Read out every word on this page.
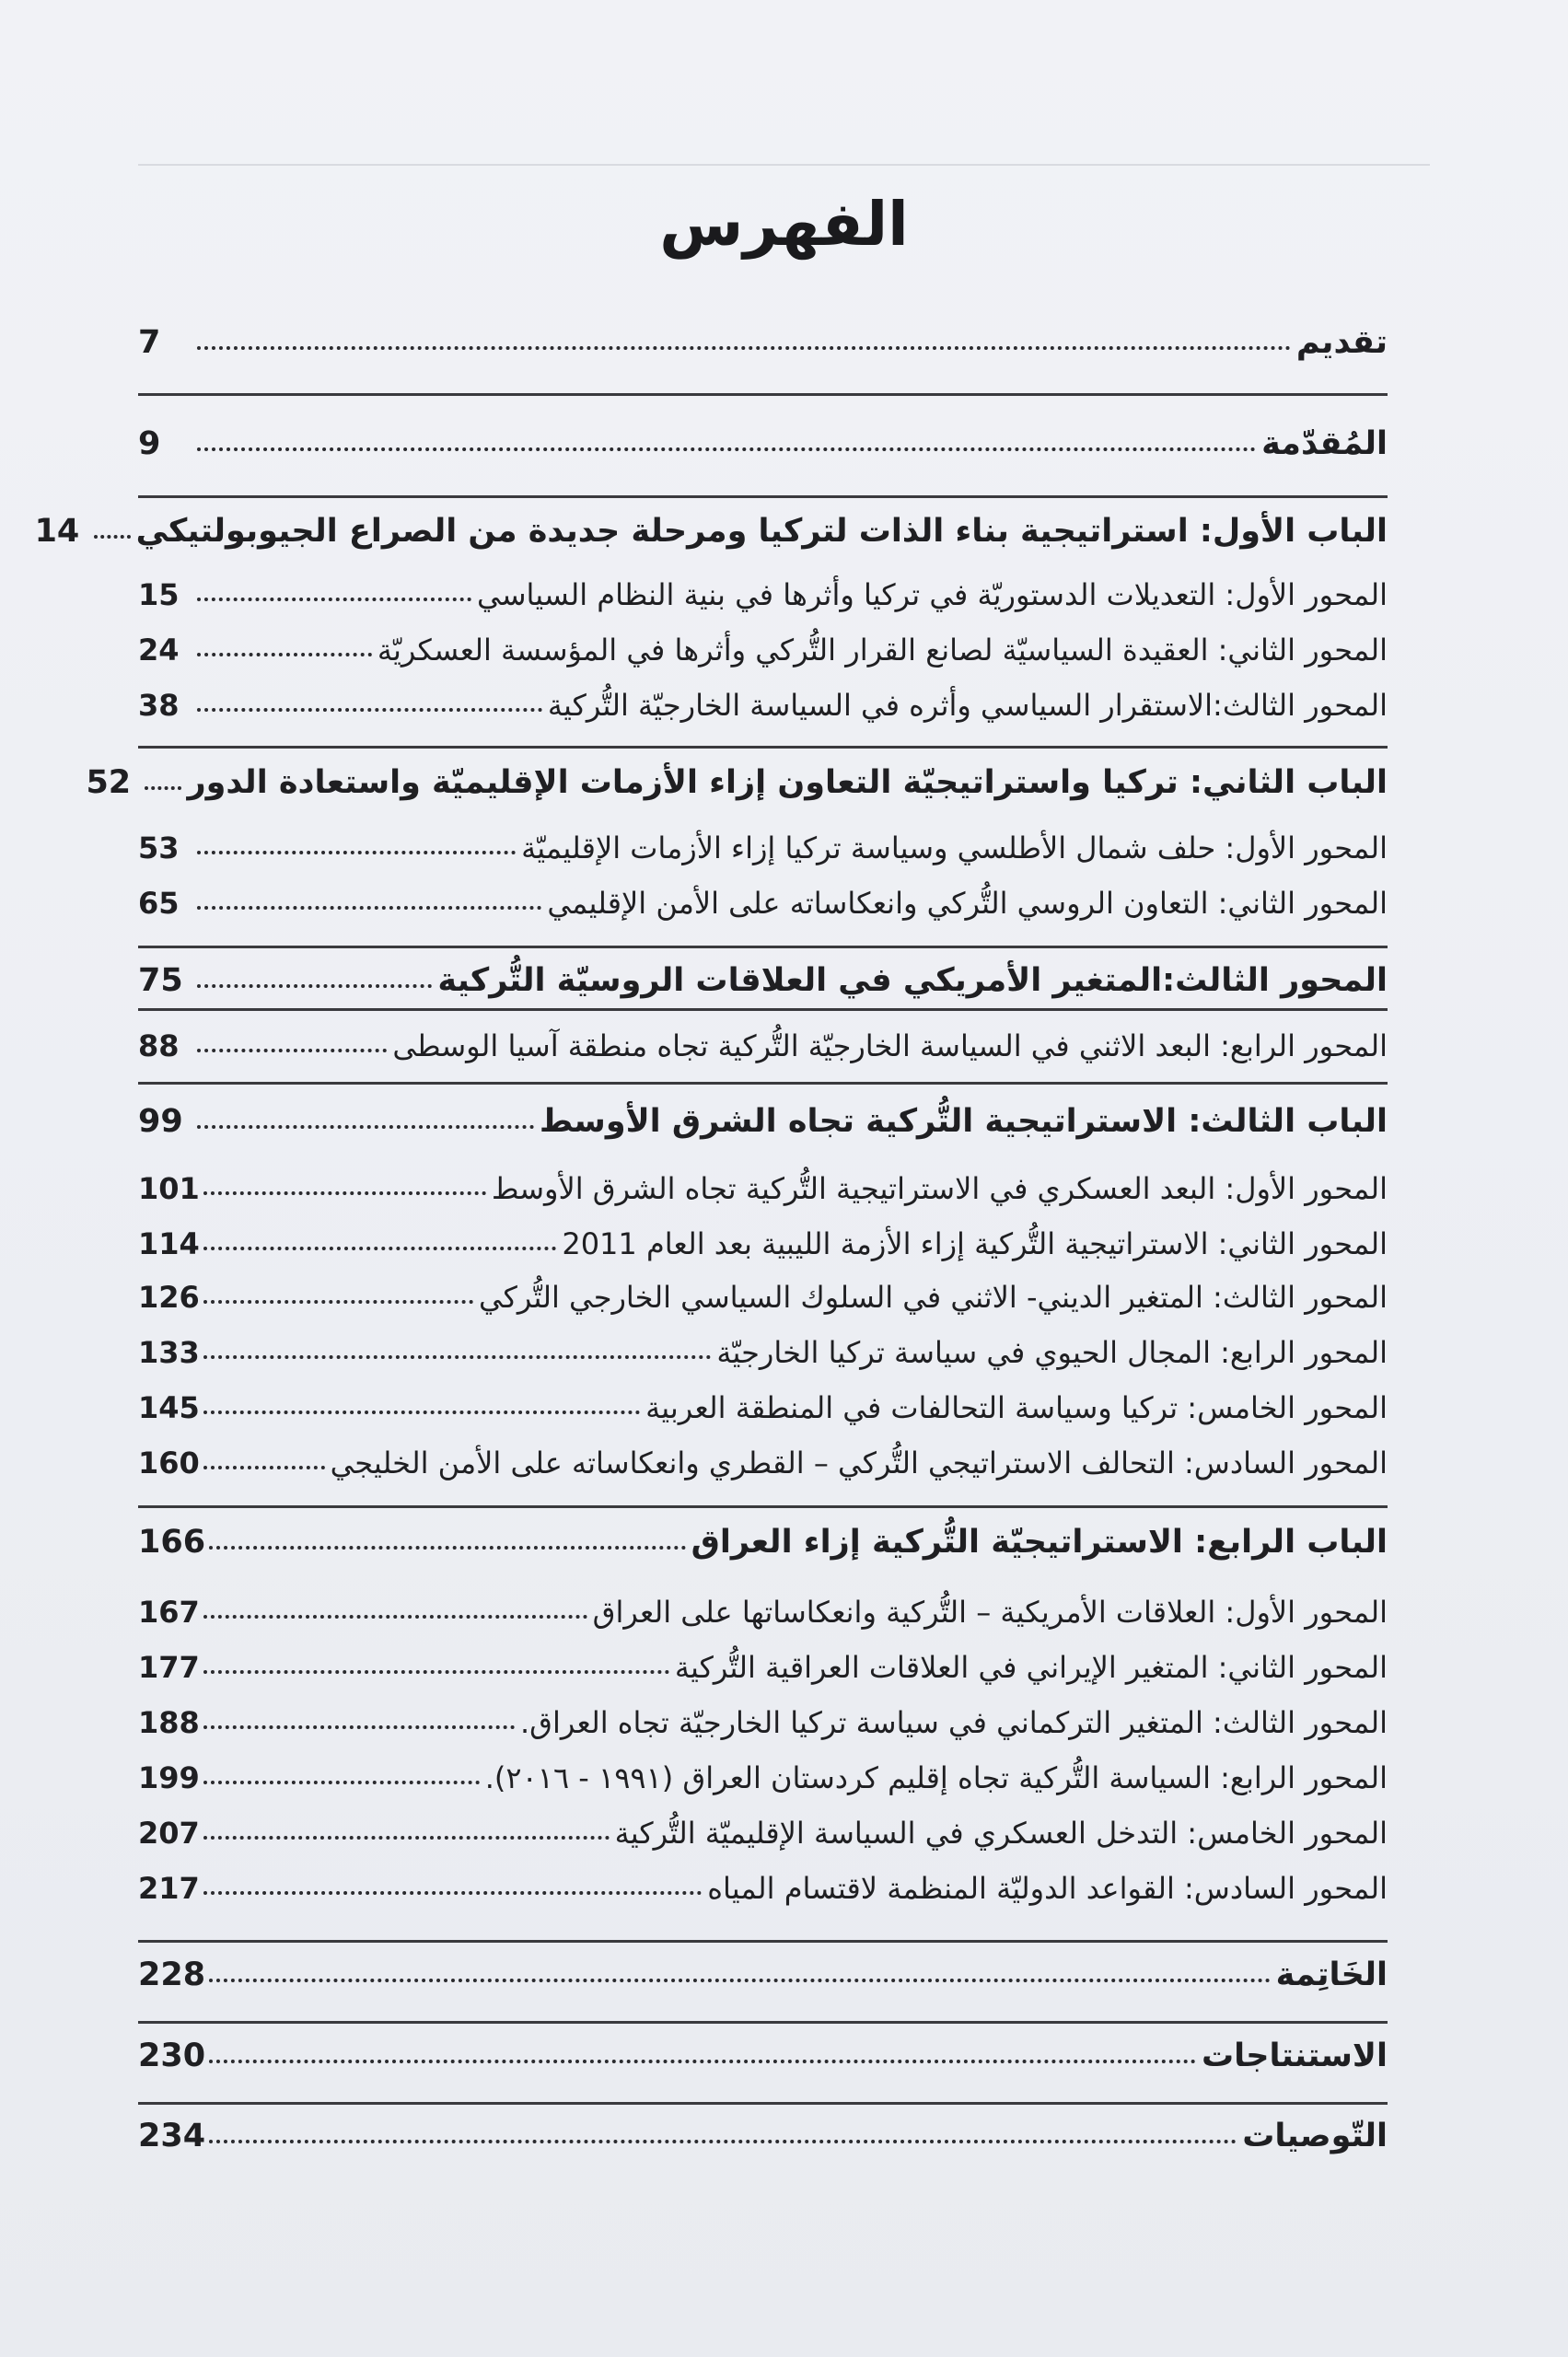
الفهرس
تقديم
7
المُقدّمة
9
الباب الأول: استراتيجية بناء الذات لتركيا ومرحلة جديدة من الصراع الجيوبولتيكي
14
المحور الأول: التعديلات الدستوريّة في تركيا وأثرها في بنية النظام السياسي
15
المحور الثاني: العقيدة السياسيّة لصانع القرار التُّركي وأثرها في المؤسسة العسكريّة
24
المحور الثالث:الاستقرار السياسي وأثره في السياسة الخارجيّة التُّركية
38
الباب الثاني: تركيا واستراتيجيّة التعاون إزاء الأزمات الإقليميّة واستعادة الدور
52
المحور الأول: حلف شمال الأطلسي وسياسة تركيا إزاء الأزمات الإقليميّة
53
المحور الثاني: التعاون الروسي التُّركي وانعكاساته على الأمن الإقليمي
65
المحور الثالث:المتغير الأمريكي في العلاقات الروسيّة التُّركية
75
المحور الرابع: البعد الاثني في السياسة الخارجيّة التُّركية تجاه منطقة آسيا الوسطى
88
الباب الثالث: الاستراتيجية التُّركية تجاه الشرق الأوسط
99
المحور الأول: البعد العسكري في الاستراتيجية التُّركية تجاه الشرق الأوسط
101
المحور الثاني: الاستراتيجية التُّركية إزاء الأزمة الليبية بعد العام 2011
114
المحور الثالث: المتغير الديني- الاثني في السلوك السياسي الخارجي التُّركي
126
المحور الرابع: المجال الحيوي في سياسة تركيا الخارجيّة
133
المحور الخامس: تركيا وسياسة التحالفات في المنطقة العربية
145
المحور السادس: التحالف الاستراتيجي التُّركي – القطري وانعكاساته على الأمن الخليجي
160
الباب الرابع: الاستراتيجيّة التُّركية إزاء العراق
166
المحور الأول: العلاقات الأمريكية – التُّركية وانعكاساتها على العراق
167
المحور الثاني: المتغير الإيراني في العلاقات العراقية التُّركية
177
المحور الثالث: المتغير التركماني في سياسة تركيا الخارجيّة تجاه العراق.
188
المحور الرابع: السياسة التُّركية تجاه إقليم كردستان العراق (١٩٩١ - ٢٠١٦).
199
المحور الخامس: التدخل العسكري في السياسة الإقليميّة التُّركية
207
المحور السادس: القواعد الدوليّة المنظمة لاقتسام المياه
217
الخَاتِمة
228
الاستنتاجات
230
التّوصيات
234
